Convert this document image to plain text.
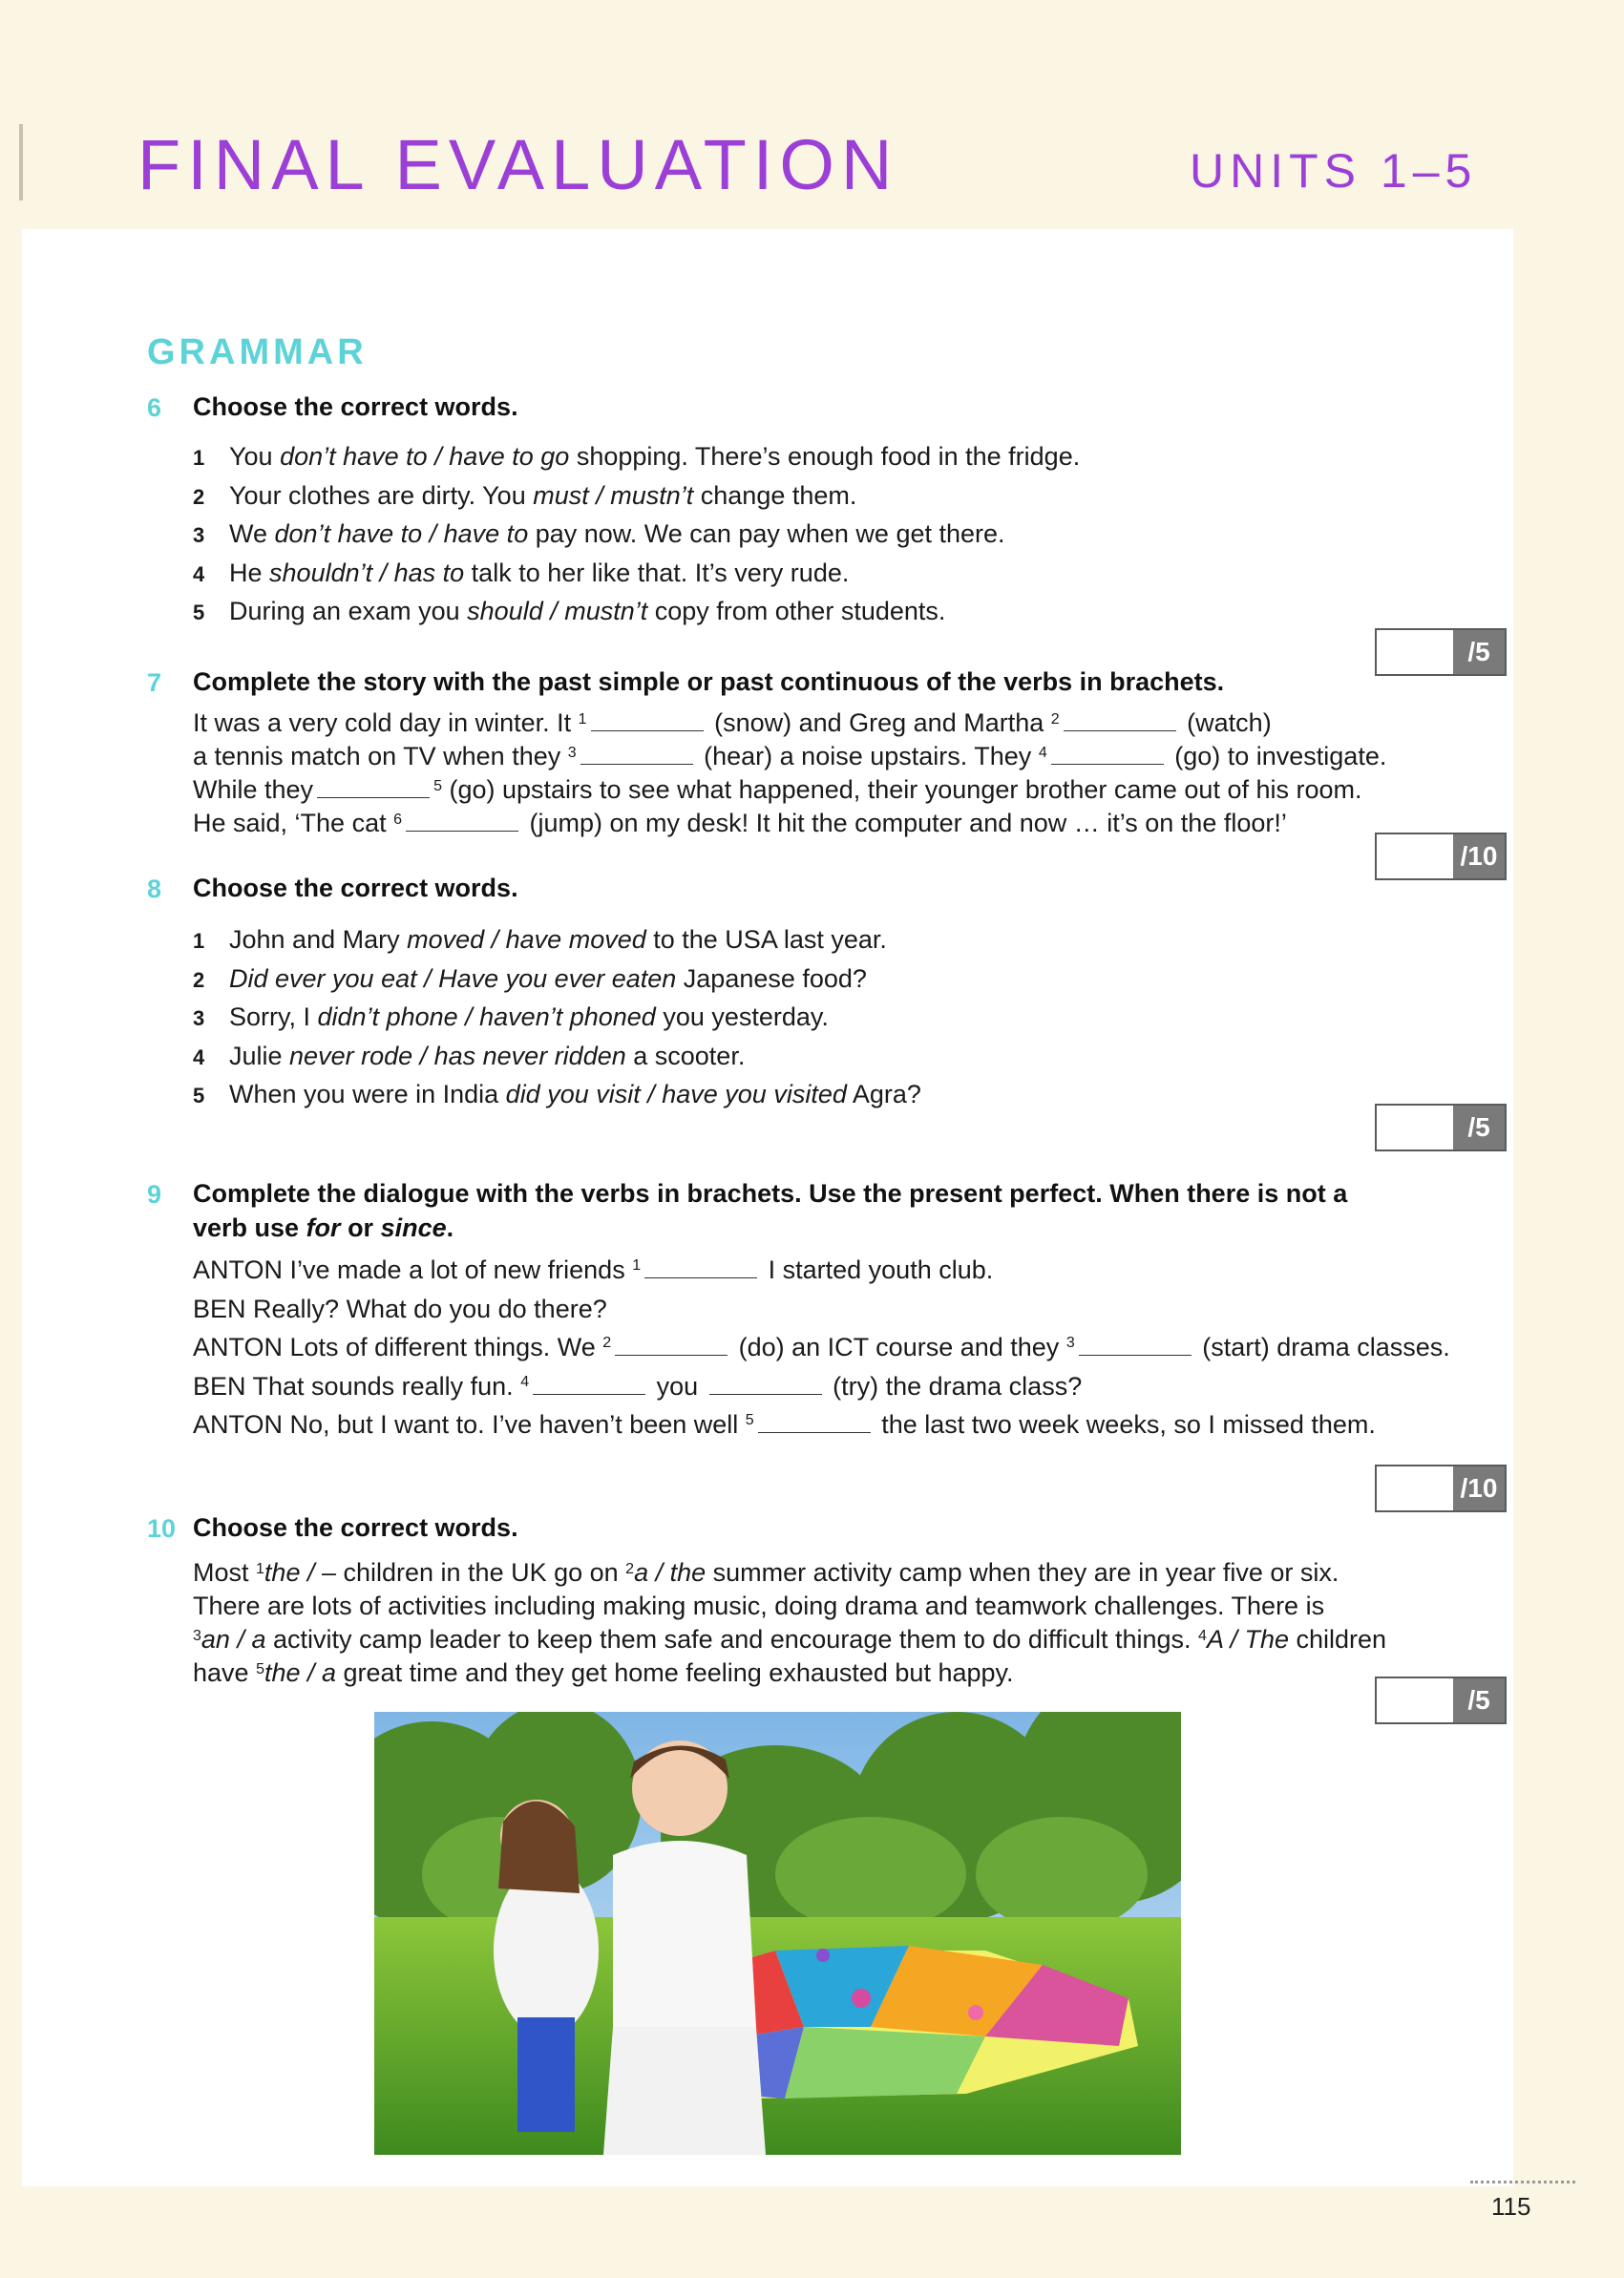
FINAL EVALUATION	UNITS 1–5
GRAMMAR
6 Choose the correct words.
1 You don’t have to / have to go shopping. There’s enough food in the fridge.
2 Your clothes are dirty. You must / mustn’t change them.
3 We don’t have to / have to pay now. We can pay when we get there.
4 He shouldn’t / has to talk to her like that. It’s very rude.
5 During an exam you should / mustn’t copy from other students.
/5
7 Complete the story with the past simple or past continuous of the verbs in brachets.
It was a very cold day in winter. It $^1$	(snow) and Greg and Martha $^2$	(watch)
a tennis match on TV when they $^3$	(hear) a noise upstairs. They $^4$	(go) to investigate.
While they	$^5$ (go) upstairs to see what happened, their younger brother came out of his room.
He said, ‘The cat $^6$	(jump) on my desk! It hit the computer and now … it’s on the floor!’
/10
8 Choose the correct words.
1 John and Mary moved / have moved to the USA last year.
2 Did ever you eat / Have you ever eaten Japanese food?
3 Sorry, I didn’t phone / haven’t phoned you yesterday.
4 Julie never rode / has never ridden a scooter.
5 When you were in India did you visit / have you visited Agra?
/5
9 Complete the dialogue with the verbs in brachets. Use the present perfect. When there is not a verb use for or since.
ANTON I’ve made a lot of new friends $^1$	I started youth club.
BEN Really? What do you do there?
ANTON Lots of different things. We $^2$	(do) an ICT course and they $^3$	(start) drama classes.
BEN That sounds really fun. $^4$	you	(try) the drama class?
ANTON No, but I want to. I’ve haven’t been well $^5$	the last two week weeks, so I missed them.
/10
10 Choose the correct words.
Most $^1$the / – children in the UK go on $^2$a / the summer activity camp when they are in year five or six.
There are lots of activities including making music, doing drama and teamwork challenges. There is
$^3$an / a activity camp leader to keep them safe and encourage them to do difficult things. $^4$A / The children
have $^5$the / a great time and they get home feeling exhausted but happy.
/5
115
